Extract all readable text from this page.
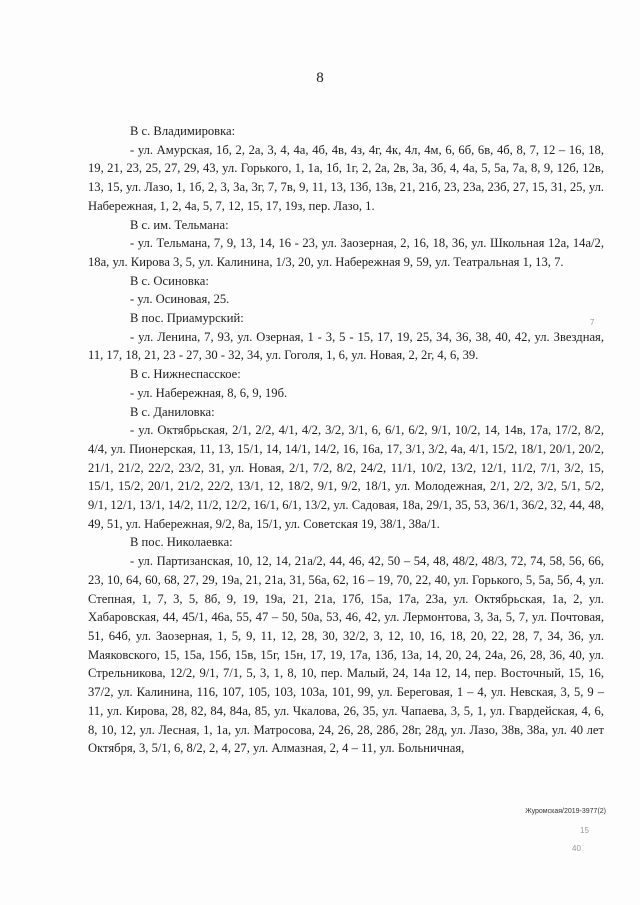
8

В с. Владимировка:

- ул. Амурская, 1б, 2, 2а, 3, 4, 4а, 4б, 4в, 4з, 4г, 4к, 4л, 4м, 6, 6б, 6в, 4б, 8, 7, 12 – 16, 18, 19, 21, 23, 25, 27, 29, 43, ул. Горького, 1, 1а, 1б, 1г, 2, 2а, 2в, 3а, 3б, 4, 4а, 5, 5а, 7а, 8, 9, 12б, 12в, 13, 15, ул. Лазо, 1, 1б, 2, 3, 3а, 3г, 7, 7в, 9, 11, 13, 13б, 13в, 21, 21б, 23, 23а, 23б, 27, 15, 31, 25, ул. Набережная, 1, 2, 4а, 5, 7, 12, 15, 17, 19з, пер. Лазо, 1.

В с. им. Тельмана:

- ул. Тельмана, 7, 9, 13, 14, 16 - 23, ул. Заозерная, 2, 16, 18, 36, ул. Школьная 12а, 14а/2, 18а, ул. Кирова 3, 5, ул. Калинина, 1/3, 20, ул. Набережная 9, 59, ул. Театральная 1, 13, 7.

В с. Осиновка:

- ул. Осиновая, 25.

В пос. Приамурский:

- ул. Ленина, 7, 93, ул. Озерная, 1 - 3, 5 - 15, 17, 19, 25, 34, 36, 38, 40, 42, ул. Звездная, 11, 17, 18, 21, 23 - 27, 30 - 32, 34, ул. Гоголя, 1, 6, ул. Новая, 2, 2г, 4, 6, 39.

В с. Нижнеспасское:

- ул. Набережная, 8, 6, 9, 19б.

В с. Даниловка:

- ул. Октябрьская, 2/1, 2/2, 4/1, 4/2, 3/2, 3/1, 6, 6/1, 6/2, 9/1, 10/2, 14, 14в, 17а, 17/2, 8/2, 4/4, ул. Пионерская, 11, 13, 15/1, 14, 14/1, 14/2, 16, 16а, 17, 3/1, 3/2, 4а, 4/1, 15/2, 18/1, 20/1, 20/2, 21/1, 21/2, 22/2, 23/2, 31, ул. Новая, 2/1, 7/2, 8/2, 24/2, 11/1, 10/2, 13/2, 12/1, 11/2, 7/1, 3/2, 15, 15/1, 15/2, 20/1, 21/2, 22/2, 13/1, 12, 18/2, 9/1, 9/2, 18/1, ул. Молодежная, 2/1, 2/2, 3/2, 5/1, 5/2, 9/1, 12/1, 13/1, 14/2, 11/2, 12/2, 16/1, 6/1, 13/2, ул. Садовая, 18а, 29/1, 35, 53, 36/1, 36/2, 32, 44, 48, 49, 51, ул. Набережная, 9/2, 8а, 15/1, ул. Советская 19, 38/1, 38а/1.

В пос. Николаевка:

- ул. Партизанская, 10, 12, 14, 21а/2, 44, 46, 42, 50 – 54, 48, 48/2, 48/3, 72, 74, 58, 56, 66, 23, 10, 64, 60, 68, 27, 29, 19а, 21, 21а, 31, 56а, 62, 16 – 19, 70, 22, 40, ул. Горького, 5, 5а, 5б, 4, ул. Степная, 1, 7, 3, 5, 8б, 9, 19, 19а, 21, 21а, 17б, 15а, 17а, 23а, ул. Октябрьская, 1а, 2, ул. Хабаровская, 44, 45/1, 46а, 55, 47 – 50, 50а, 53, 46, 42, ул. Лермонтова, 3, 3а, 5, 7, ул. Почтовая, 51, 64б, ул. Заозерная, 1, 5, 9, 11, 12, 28, 30, 32/2, 3, 12, 10, 16, 18, 20, 22, 28, 7, 34, 36, ул. Маяковского, 15, 15а, 15б, 15в, 15г, 15н, 17, 19, 17а, 13б, 13а, 14, 20, 24, 24а, 26, 28, 36, 40, ул. Стрельникова, 12/2, 9/1, 7/1, 5, 3, 1, 8, 10, пер. Малый, 24, 14а 12, 14, пер. Восточный, 15, 16, 37/2, ул. Калинина, 116, 107, 105, 103, 103а, 101, 99, ул. Береговая, 1 – 4, ул. Невская, 3, 5, 9 – 11, ул. Кирова, 28, 82, 84, 84а, 85, ул. Чкалова, 26, 35, ул. Чапаева, 3, 5, 1, ул. Гвардейская, 4, 6, 8, 10, 12, ул. Лесная, 1, 1а, ул. Матросова, 24, 26, 28, 28б, 28г, 28д, ул. Лазо, 38в, 38а, ул. 40 лет Октября, 3, 5/1, 6, 8/2, 2, 4, 27, ул. Алмазная, 2, 4 – 11, ул. Больничная,

Журомская/2019-3977(2)
7
15
40
